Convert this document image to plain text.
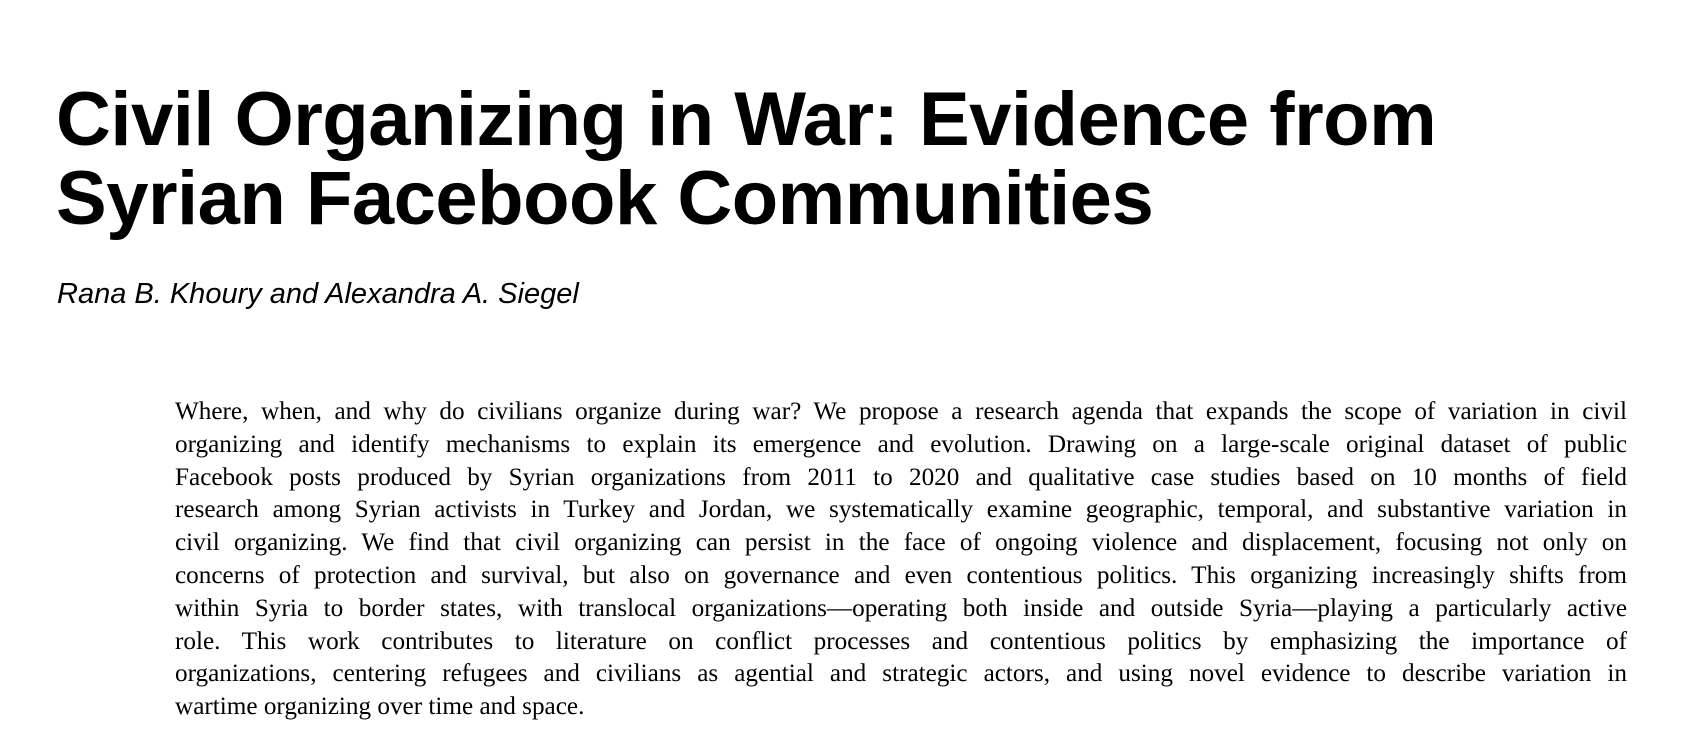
Civil Organizing in War: Evidence from
Syrian Facebook Communities

Rana B. Khoury and Alexandra A. Siegel

Where, when, and why do civilians organize during war? We propose a research agenda that expands the scope of variation in civil
organizing and identify mechanisms to explain its emergence and evolution. Drawing on a large-scale original dataset of public
Facebook posts produced by Syrian organizations from 2011 to 2020 and qualitative case studies based on 10 months of field
research among Syrian activists in Turkey and Jordan, we systematically examine geographic, temporal, and substantive variation in
civil organizing. We find that civil organizing can persist in the face of ongoing violence and displacement, focusing not only on
concerns of protection and survival, but also on governance and even contentious politics. This organizing increasingly shifts from
within Syria to border states, with translocal organizations—operating both inside and outside Syria—playing a particularly active
role. This work contributes to literature on conflict processes and contentious politics by emphasizing the importance of
organizations, centering refugees and civilians as agential and strategic actors, and using novel evidence to describe variation in
wartime organizing over time and space.
